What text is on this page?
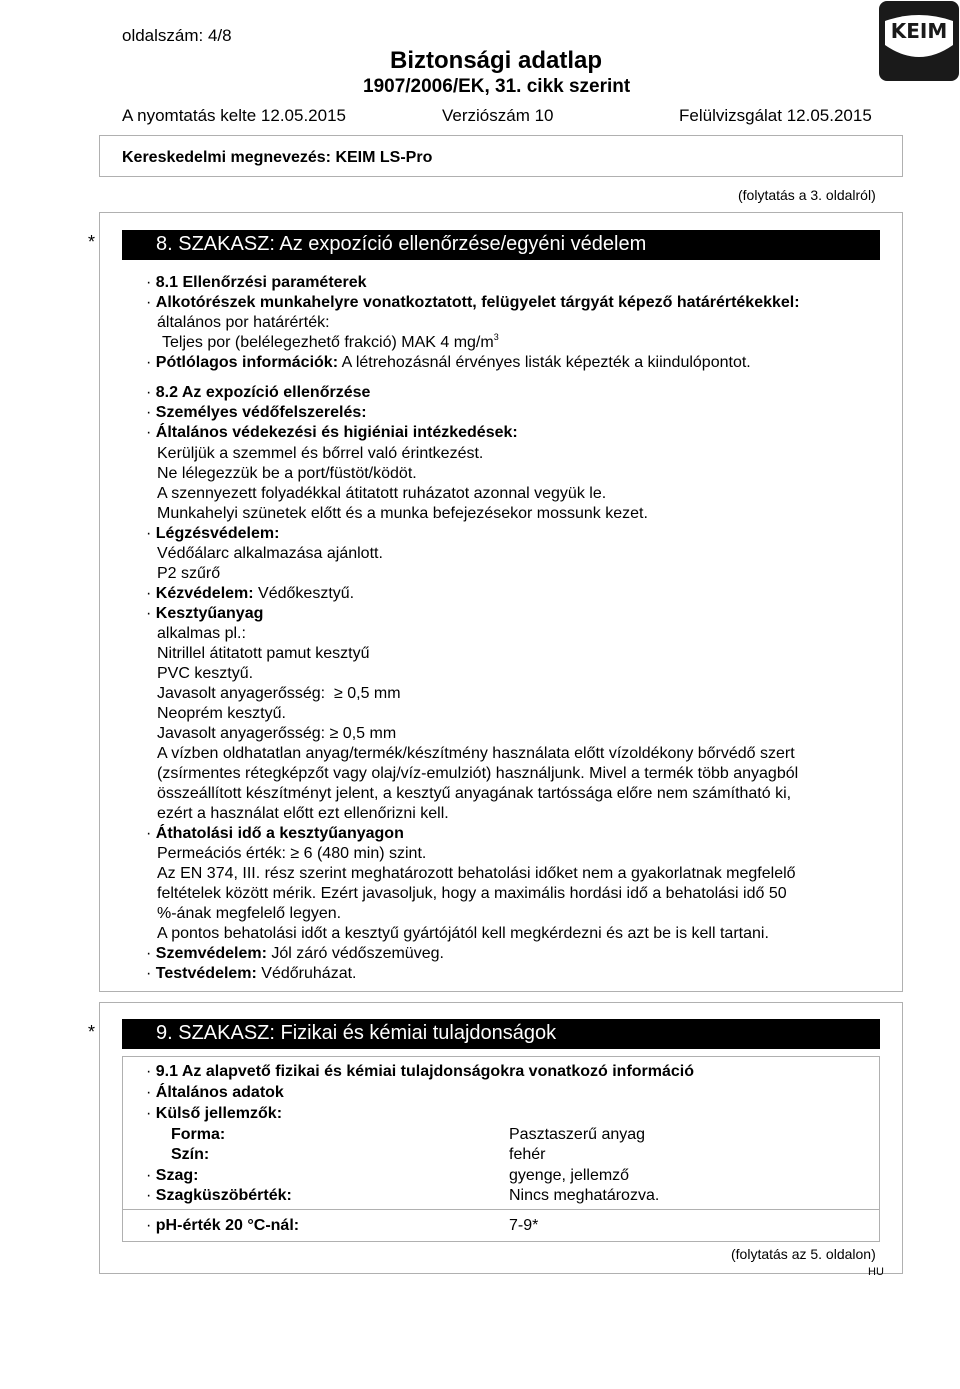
oldalszám: 4/8
Biztonsági adatlap
1907/2006/EK, 31. cikk szerint
A nyomtatás kelte 12.05.2015	Verziószám 10	Felülvizsgálat 12.05.2015
KEIM
Kereskedelmi megnevezés: KEIM LS-Pro
(folytatás a 3. oldalról)
*	8. SZAKASZ: Az expozíció ellenőrzése/egyéni védelem
· 8.1 Ellenőrzési paraméterek
· Alkotórészek munkahelyre vonatkoztatott, felügyelet tárgyát képező határértékekkel:
általános por határérték:
Teljes por (belélegezhető frakció) MAK 4 $mg/m^3$
· Pótlólagos információk: A létrehozásnál érvényes listák képezték a kiindulópontot.
· 8.2 Az expozíció ellenőrzése
· Személyes védőfelszerelés:
· Általános védekezési és higiéniai intézkedések:
Kerüljük a szemmel és bőrrel való érintkezést.
Ne lélegezzük be a port/füstöt/ködöt.
A szennyezett folyadékkal átitatott ruházatot azonnal vegyük le.
Munkahelyi szünetek előtt és a munka befejezésekor mossunk kezet.
· Légzésvédelem:
Védőálarc alkalmazása ajánlott.
P2 szűrő
· Kézvédelem: Védőkesztyű.
· Kesztyűanyag
alkalmas pl.:
Nitrillel átitatott pamut kesztyű
PVC kesztyű.
Javasolt anyagerősség: ≥ 0,5 mm
Neoprém kesztyű.
Javasolt anyagerősség: ≥ 0,5 mm
A vízben oldhatatlan anyag/termék/készítmény használata előtt vízoldékony bőrvédő szert
(zsírmentes rétegképzőt vagy olaj/víz-emulziót) használjunk. Mivel a termék több anyagból
összeállított készítményt jelent, a kesztyű anyagának tartóssága előre nem számítható ki,
ezért a használat előtt ezt ellenőrizni kell.
· Áthatolási idő a kesztyűanyagon
Permeációs érték: ≥ 6 (480 min) szint.
Az EN 374, III. rész szerint meghatározott behatolási időket nem a gyakorlatnak megfelelő
feltételek között mérik. Ezért javasoljuk, hogy a maximális hordási idő a behatolási idő 50
%-ának megfelelő legyen.
A pontos behatolási időt a kesztyű gyártójától kell megkérdezni és azt be is kell tartani.
· Szemvédelem: Jól záró védőszemüveg.
· Testvédelem: Védőruházat.
*	9. SZAKASZ: Fizikai és kémiai tulajdonságok
· 9.1 Az alapvető fizikai és kémiai tulajdonságokra vonatkozó információ
· Általános adatok
· Külső jellemzők:
Forma:	Pasztaszerű anyag
Szín:	fehér
· Szag:	gyenge, jellemző
· Szagküszöbérték:	Nincs meghatározva.
· pH-érték 20 °C-nál:	7-9*
(folytatás az 5. oldalon)
HU
